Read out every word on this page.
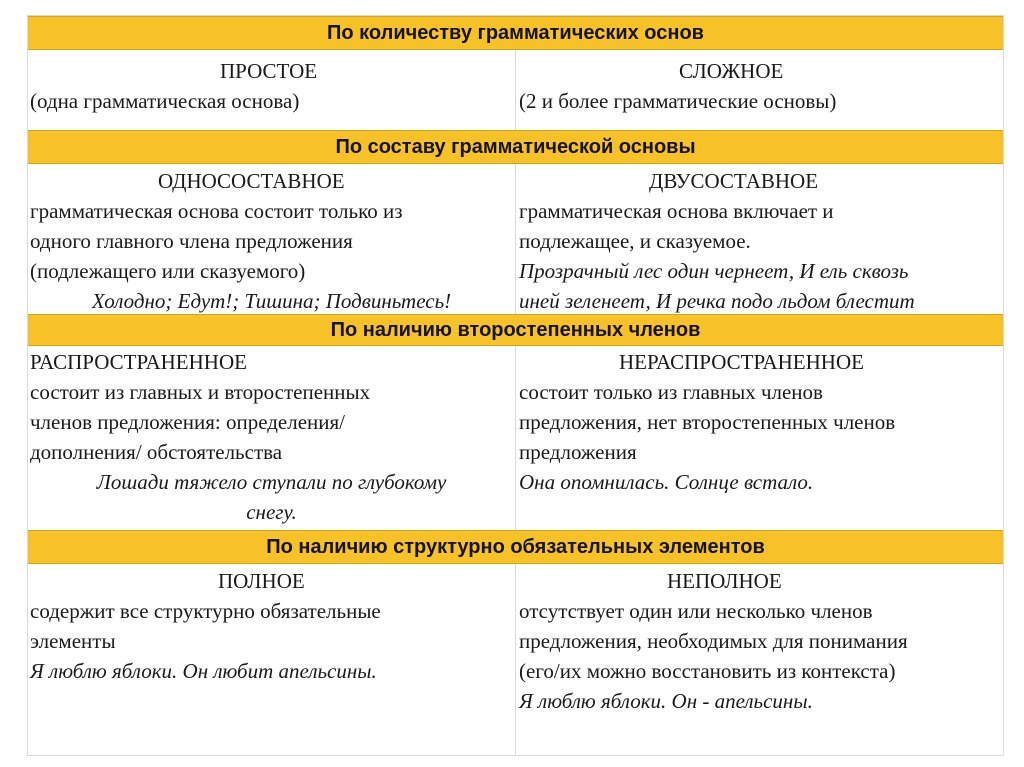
По количеству грамматических основ
ПРОСТОЕ
(одна грамматическая основа)
СЛОЖНОЕ
(2 и более грамматические основы)
По составу грамматической основы
ОДНОСОСТАВНОЕ
грамматическая основа состоит только из
одного главного члена предложения
(подлежащего или сказуемого)
Холодно; Едут!; Тишина; Подвиньтесь!
ДВУСОСТАВНОЕ
грамматическая основа включает и
подлежащее, и сказуемое.
Прозрачный лес один чернеет, И ель сквозь
иней зеленеет, И речка подо льдом блестит
По наличию второстепенных членов
РАСПРОСТРАНЕННОЕ
состоит из главных и второстепенных
членов предложения: определения/
дополнения/ обстоятельства
Лошади тяжело ступали по глубокому
снегу.
НЕРАСПРОСТРАНЕННОЕ
состоит только из главных членов
предложения, нет второстепенных членов
предложения
Она опомнилась. Солнце встало.
По наличию структурно обязательных элементов
ПОЛНОЕ
содержит все структурно обязательные
элементы
Я люблю яблоки. Он любит апельсины.
НЕПОЛНОЕ
отсутствует один или несколько членов
предложения, необходимых для понимания
(его/их можно восстановить из контекста)
Я люблю яблоки. Он - апельсины.
